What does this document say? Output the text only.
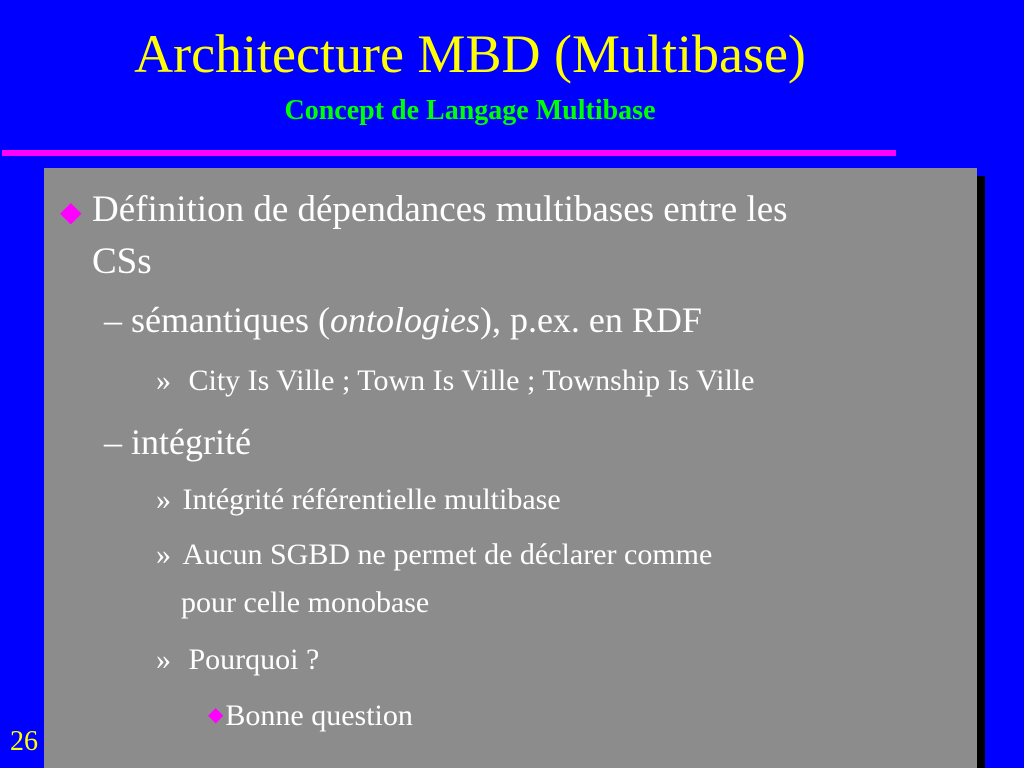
Architecture MBD (Multibase)
Concept de Langage Multibase
◆ Définition de dépendances multibases entre les
CSs
– sémantiques (ontologies), p.ex. en RDF
» City Is Ville ; Town Is Ville ; Township Is Ville
– intégrité
» Intégrité référentielle multibase
» Aucun SGBD ne permet de déclarer comme
pour celle monobase
» Pourquoi ?
◆Bonne question
26
